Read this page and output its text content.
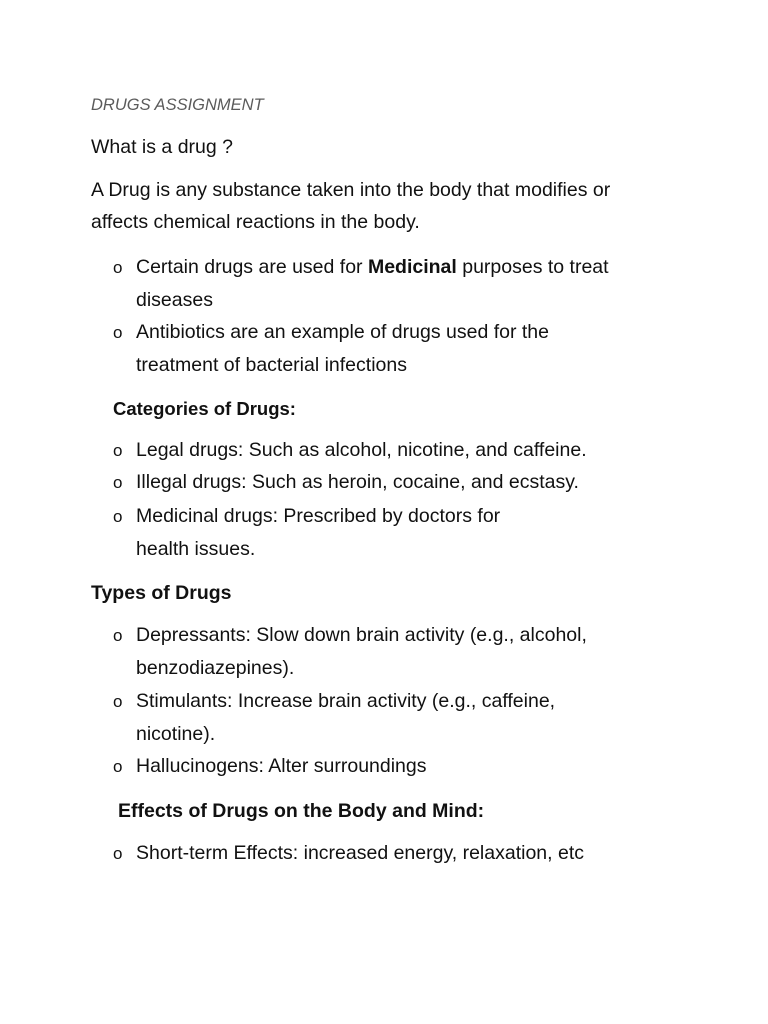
DRUGS ASSIGNMENT
What is a drug ?
A Drug is any substance taken into the body that modifies or
affects chemical reactions in the body.
o Certain drugs are used for Medicinal purposes to treat diseases
o Antibiotics are an example of drugs used for the treatment of bacterial infections
Categories of Drugs:
o Legal drugs: Such as alcohol, nicotine, and caffeine.
o Illegal drugs: Such as heroin, cocaine, and ecstasy.
o Medicinal drugs: Prescribed by doctors for health issues.
Types of Drugs
o Depressants: Slow down brain activity (e.g., alcohol, benzodiazepines).
o Stimulants: Increase brain activity (e.g., caffeine, nicotine).
o Hallucinogens: Alter surroundings
Effects of Drugs on the Body and Mind:
o Short-term Effects: increased energy, relaxation, etc
